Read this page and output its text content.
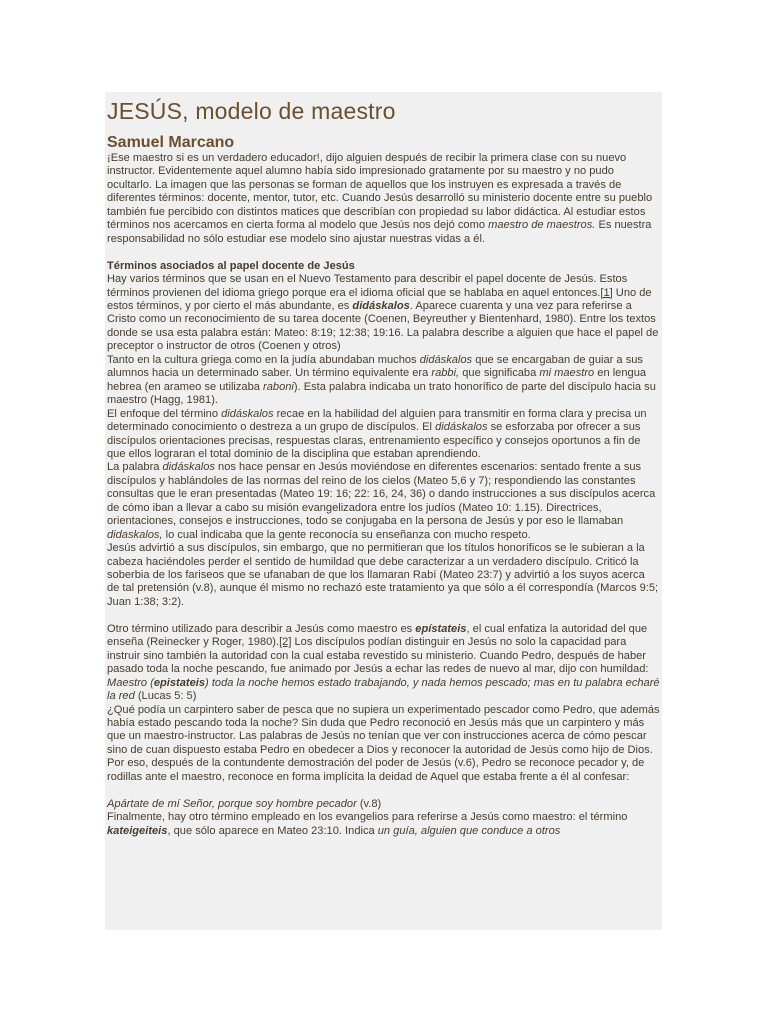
JESÚS, modelo de maestro
Samuel Marcano

¡Ese maestro si es un verdadero educador!, dijo alguien después de recibir la primera clase con su nuevo instructor. Evidentemente aquel alumno había sido impresionado gratamente por su maestro y no pudo ocultarlo. La imagen que las personas se forman de aquellos que los instruyen es expresada a través de diferentes términos: docente, mentor, tutor, etc. Cuando Jesús desarrolló su ministerio docente entre su pueblo también fue percibido con distintos matices que describían con propiedad su labor didáctica. Al estudiar estos términos nos acercamos en cierta forma al modelo que Jesús nos dejó como maestro de maestros. Es nuestra responsabilidad no sólo estudiar ese modelo sino ajustar nuestras vidas a él.

Términos asociados al papel docente de Jesús

Hay varios términos que se usan en el Nuevo Testamento para describir el papel docente de Jesús. Estos términos provienen del idioma griego porque era el idioma oficial que se hablaba en aquel entonces.[1] Uno de estos términos, y por cierto el más abundante, es didáskalos. Aparece cuarenta y una vez para referirse a Cristo como un reconocimiento de su tarea docente (Coenen, Beyreuther y Bientenhard, 1980). Entre los textos donde se usa esta palabra están: Mateo: 8:19; 12:38; 19:16. La palabra describe a alguien que hace el papel de preceptor o instructor de otros (Coenen y otros)

Tanto en la cultura griega como en la judía abundaban muchos didáskalos que se encargaban de guiar a sus alumnos hacia un determinado saber. Un término equivalente era rabbi, que significaba mi maestro en lengua hebrea (en arameo se utilizaba raboni). Esta palabra indicaba un trato honorífico de parte del discípulo hacia su maestro (Hagg, 1981).

El enfoque del término didáskalos recae en la habilidad del alguien para transmitir en forma clara y precisa un determinado conocimiento o destreza a un grupo de discípulos. El didáskalos se esforzaba por ofrecer a sus discípulos orientaciones precisas, respuestas claras, entrenamiento específico y consejos oportunos a fin de que ellos lograran el total dominio de la disciplina que estaban aprendiendo.

La palabra didáskalos nos hace pensar en Jesús moviéndose en diferentes escenarios: sentado frente a sus discípulos y hablándoles de las normas del reino de los cielos (Mateo 5,6 y 7); respondiendo las constantes consultas que le eran presentadas (Mateo 19: 16; 22: 16, 24, 36) o dando instrucciones a sus discípulos acerca de cómo iban a llevar a cabo su misión evangelizadora entre los judíos (Mateo 10: 1.15). Directrices, orientaciones, consejos e instrucciones, todo se conjugaba en la persona de Jesús y por eso le llamaban didaskalos, lo cual indicaba que la gente reconocía su enseñanza con mucho respeto.

Jesús advirtió a sus discípulos, sin embargo, que no permitieran que los títulos honoríficos se le subieran a la cabeza haciéndoles perder el sentido de humildad que debe caracterizar a un verdadero discípulo. Criticó la soberbia de los fariseos que se ufanaban de que los llamaran Rabí (Mateo 23:7) y advirtió a los suyos acerca de tal pretensión (v.8), aunque él mismo no rechazó este tratamiento ya que sólo a él correspondía (Marcos 9:5; Juan 1:38; 3:2).

Otro término utilizado para describir a Jesús como maestro es epístateis, el cual enfatiza la autoridad del que enseña (Reinecker y Roger, 1980).[2] Los discípulos podían distinguir en Jesús no solo la capacidad para instruir sino también la autoridad con la cual estaba revestido su ministerio. Cuando Pedro, después de haber pasado toda la noche pescando, fue animado por Jesús a echar las redes de nuevo al mar, dijo con humildad:

Maestro (epistateis) toda la noche hemos estado trabajando, y nada hemos pescado; mas en tu palabra echaré la red (Lucas 5: 5)

¿Qué podía un carpintero saber de pesca que no supiera un experimentado pescador como Pedro, que además había estado pescando toda la noche? Sin duda que Pedro reconoció en Jesús más que un carpintero y más que un maestro-instructor. Las palabras de Jesús no tenían que ver con instrucciones acerca de cómo pescar sino de cuan dispuesto estaba Pedro en obedecer a Dios y reconocer la autoridad de Jesús como hijo de Dios. Por eso, después de la contundente demostración del poder de Jesús (v.6), Pedro se reconoce pecador y, de rodillas ante el maestro, reconoce en forma implícita la deidad de Aquel que estaba frente a él al confesar:

Apártate de mí Señor, porque soy hombre pecador (v.8)

Finalmente, hay otro término empleado en los evangelios para referirse a Jesús como maestro: el término kateigeiteis, que sólo aparece en Mateo 23:10. Indica un guía, alguien que conduce a otros
